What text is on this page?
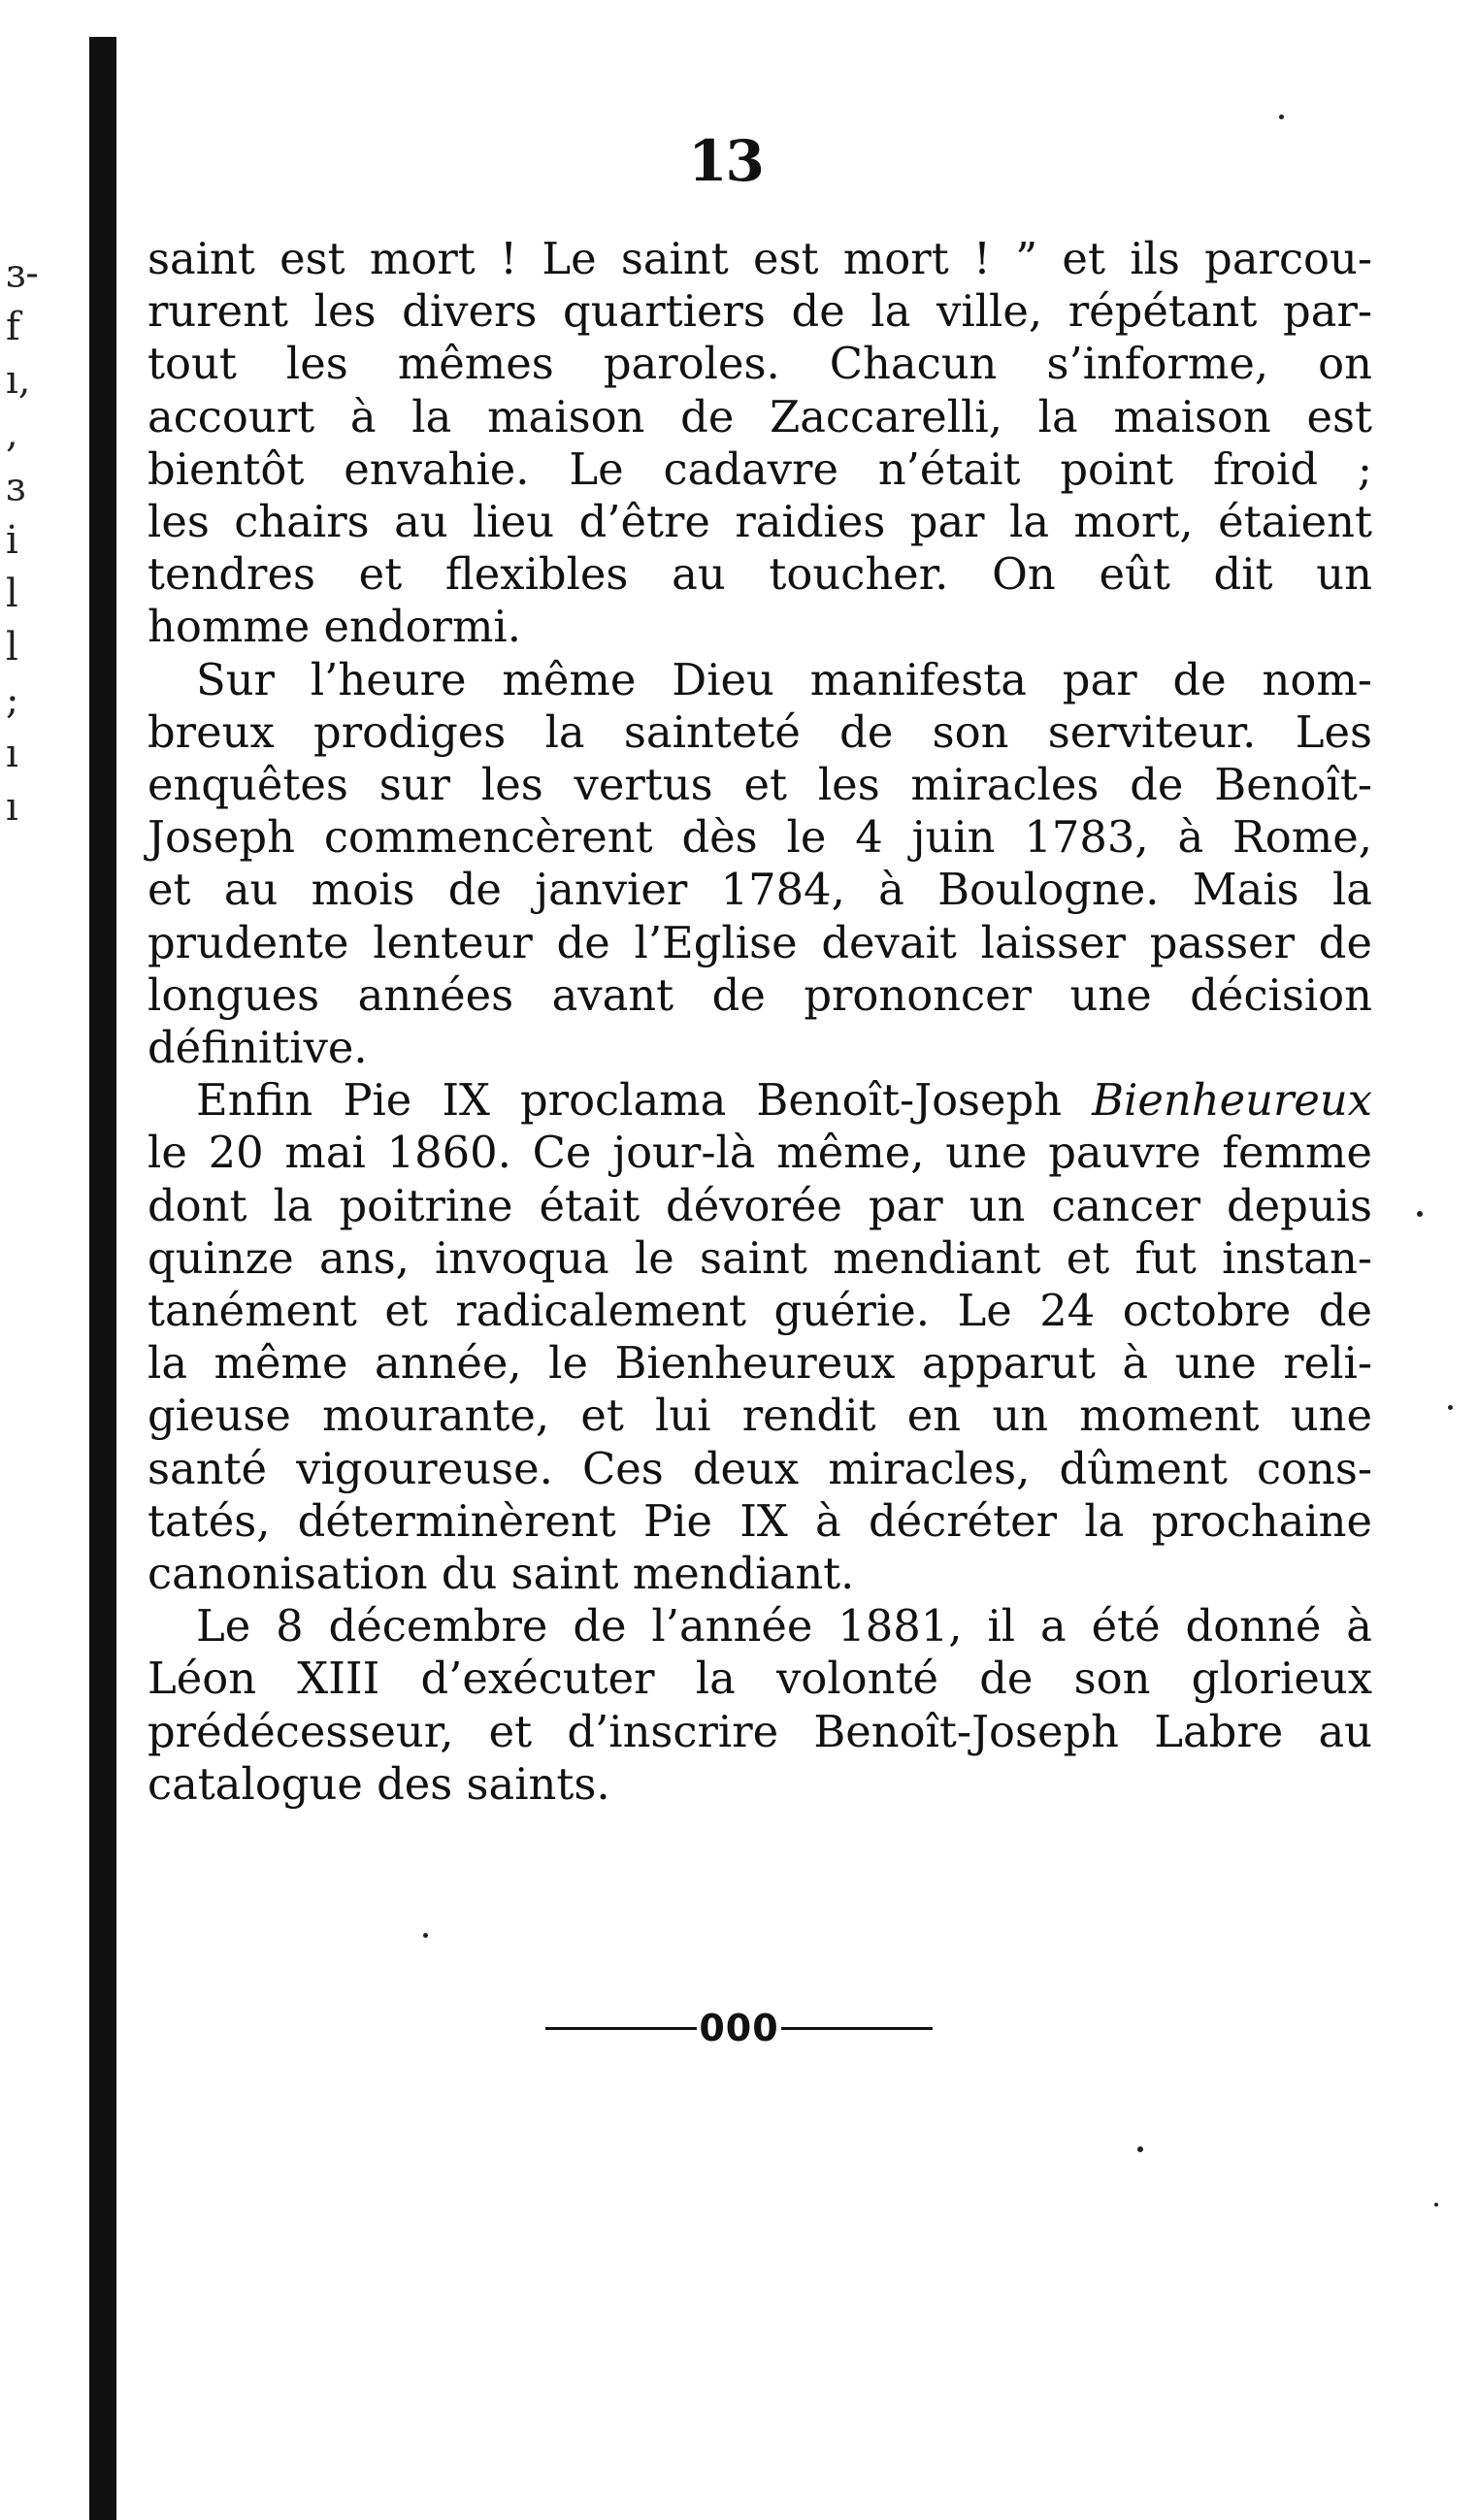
ɜ-
f
ı,
,
ɜ
i
l
l
;
ı
ı
13
saint est mort ! Le saint est mort ! ” et ils parcou-
rurent les divers quartiers de la ville, répétant par-
tout les mêmes paroles. Chacun s’informe, on
accourt à la maison de Zaccarelli, la maison est
bientôt envahie. Le cadavre n’était point froid ;
les chairs au lieu d’être raidies par la mort, étaient
tendres et flexibles au toucher. On eût dit un
homme endormi.
Sur l’heure même Dieu manifesta par de nom-
breux prodiges la sainteté de son serviteur. Les
enquêtes sur les vertus et les miracles de Benoît-
Joseph commencèrent dès le 4 juin 1783, à Rome,
et au mois de janvier 1784, à Boulogne. Mais la
prudente lenteur de l’Eglise devait laisser passer de
longues années avant de prononcer une décision
définitive.
Enfin Pie IX proclama Benoît-Joseph Bienheureux
le 20 mai 1860. Ce jour-là même, une pauvre femme
dont la poitrine était dévorée par un cancer depuis
quinze ans, invoqua le saint mendiant et fut instan-
tanément et radicalement guérie. Le 24 octobre de
la même année, le Bienheureux apparut à une reli-
gieuse mourante, et lui rendit en un moment une
santé vigoureuse. Ces deux miracles, dûment cons-
tatés, déterminèrent Pie IX à décréter la prochaine
canonisation du saint mendiant.
Le 8 décembre de l’année 1881, il a été donné à
Léon XIII d’exécuter la volonté de son glorieux
prédécesseur, et d’inscrire Benoît-Joseph Labre au
catalogue des saints.
000
